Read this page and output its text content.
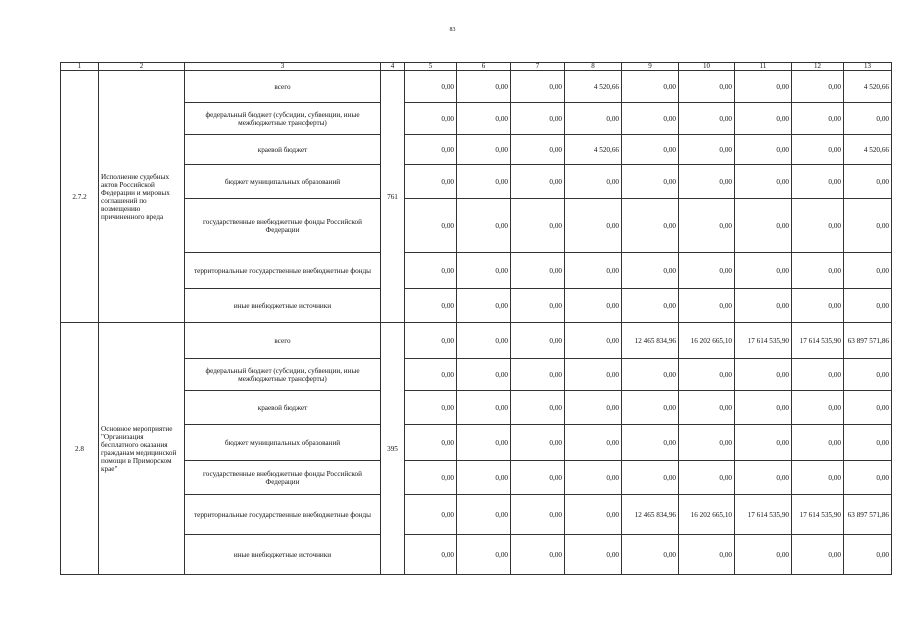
83
1	2	3	4	5	6	7	8	9	10	11	12	13
2.7.2	Исполнение судебных актов Российской Федерации и мировых соглашений по возмещению причиненного вреда	всего	761	0,00	0,00	0,00	4 520,66	0,00	0,00	0,00	0,00	4 520,66
		федеральный бюджет (субсидии, субвенции, иные межбюджетные трансферты)		0,00	0,00	0,00	0,00	0,00	0,00	0,00	0,00	0,00
		краевой бюджет		0,00	0,00	0,00	4 520,66	0,00	0,00	0,00	0,00	4 520,66
		бюджет муниципальных образований		0,00	0,00	0,00	0,00	0,00	0,00	0,00	0,00	0,00
		государственные внебюджетные фонды Российской Федерации		0,00	0,00	0,00	0,00	0,00	0,00	0,00	0,00	0,00
		территориальные государственные внебюджетные фонды		0,00	0,00	0,00	0,00	0,00	0,00	0,00	0,00	0,00
		иные внебюджетные источники		0,00	0,00	0,00	0,00	0,00	0,00	0,00	0,00	0,00
2.8	Основное мероприятие "Организация бесплатного оказания гражданам медицинской помощи в Приморском крае"	всего	395	0,00	0,00	0,00	0,00	12 465 834,96	16 202 665,10	17 614 535,90	17 614 535,90	63 897 571,86
		федеральный бюджет (субсидии, субвенции, иные межбюджетные трансферты)		0,00	0,00	0,00	0,00	0,00	0,00	0,00	0,00	0,00
		краевой бюджет		0,00	0,00	0,00	0,00	0,00	0,00	0,00	0,00	0,00
		бюджет муниципальных образований		0,00	0,00	0,00	0,00	0,00	0,00	0,00	0,00	0,00
		государственные внебюджетные фонды Российской Федерации		0,00	0,00	0,00	0,00	0,00	0,00	0,00	0,00	0,00
		территориальные государственные внебюджетные фонды		0,00	0,00	0,00	0,00	12 465 834,96	16 202 665,10	17 614 535,90	17 614 535,90	63 897 571,86
		иные внебюджетные источники		0,00	0,00	0,00	0,00	0,00	0,00	0,00	0,00	0,00
